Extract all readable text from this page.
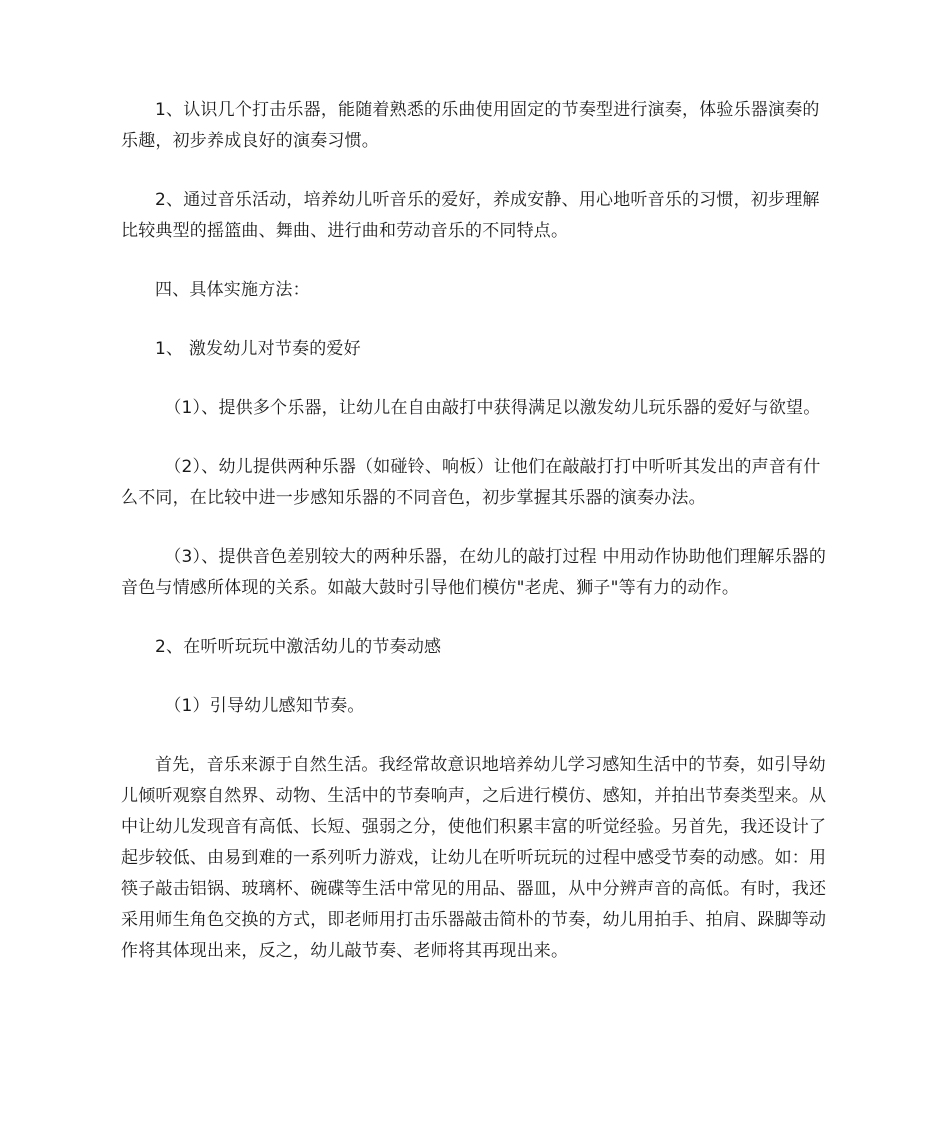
1、认识几个打击乐器，能随着熟悉的乐曲使用固定的节奏型进行演奏，体验乐器演奏的乐趣，初步养成良好的演奏习惯。

2、通过音乐活动，培养幼儿听音乐的爱好，养成安静、用心地听音乐的习惯，初步理解比较典型的摇篮曲、舞曲、进行曲和劳动音乐的不同特点。

四、具体实施方法：

1、 激发幼儿对节奏的爱好

（1）、提供多个乐器，让幼儿在自由敲打中获得满足以激发幼儿玩乐器的爱好与欲望。

（2）、幼儿提供两种乐器（如碰铃、响板）让他们在敲敲打打中听听其发出的声音有什么不同，在比较中进一步感知乐器的不同音色，初步掌握其乐器的演奏办法。

（3）、提供音色差别较大的两种乐器，在幼儿的敲打过程 中用动作协助他们理解乐器的音色与情感所体现的关系。如敲大鼓时引导他们模仿"老虎、狮子"等有力的动作。

2、在听听玩玩中激活幼儿的节奏动感

（1）引导幼儿感知节奏。

首先，音乐来源于自然生活。我经常故意识地培养幼儿学习感知生活中的节奏，如引导幼儿倾听观察自然界、动物、生活中的节奏响声，之后进行模仿、感知，并拍出节奏类型来。从中让幼儿发现音有高低、长短、强弱之分，使他们积累丰富的听觉经验。另首先，我还设计了起步较低、由易到难的一系列听力游戏，让幼儿在听听玩玩的过程中感受节奏的动感。如：用筷子敲击铝锅、玻璃杯、碗碟等生活中常见的用品、器皿，从中分辨声音的高低。有时，我还采用师生角色交换的方式，即老师用打击乐器敲击简朴的节奏，幼儿用拍手、拍肩、跺脚等动作将其体现出来，反之，幼儿敲节奏、老师将其再现出来。
